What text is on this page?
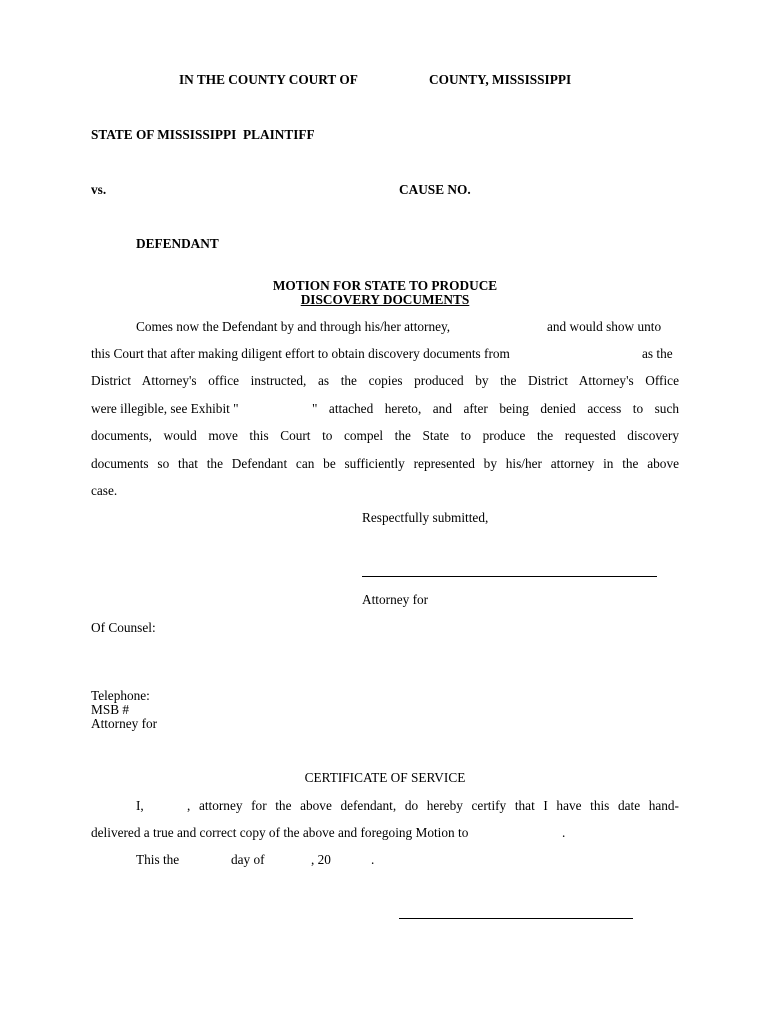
IN THE COUNTY COURT OF	COUNTY, MISSISSIPPI
STATE OF MISSISSIPPI  PLAINTIFF
vs.	CAUSE NO.
DEFENDANT
MOTION FOR STATE TO PRODUCE
DISCOVERY DOCUMENTS
Comes now the Defendant by and through his/her attorney,	and would show unto
this Court that after making diligent effort to obtain discovery documents from	as the
District Attorney's office instructed, as the copies produced by the District Attorney's Office
were illegible, see Exhibit "	" attached hereto, and after being denied access to such
documents, would move this Court to compel the State to produce the requested discovery
documents so that the Defendant can be sufficiently represented by his/her attorney in the above
case.
Respectfully submitted,
Attorney for
Of Counsel:
Telephone:
MSB #
Attorney for
CERTIFICATE OF SERVICE
I,	, attorney for the above defendant, do hereby certify that I have this date hand-
delivered a true and correct copy of the above and foregoing Motion to	.
This the	day of	, 20	.
